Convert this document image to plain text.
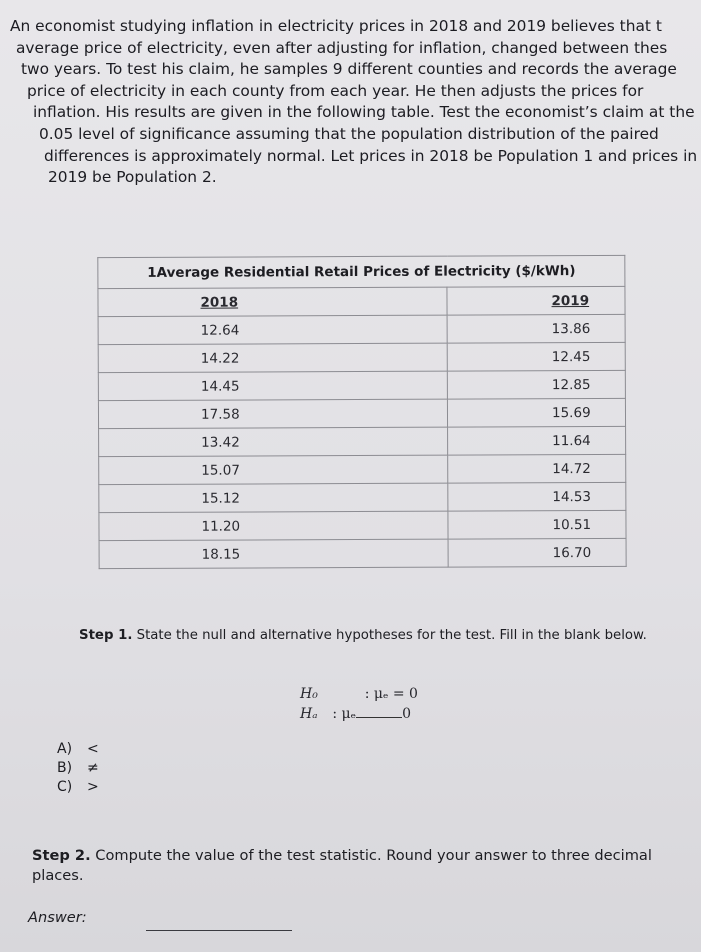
An economist studying inflation in electricity prices in 2018 and 2019 believes that t
average price of electricity, even after adjusting for inflation, changed between thes
two years. To test his claim, he samples 9 different counties and records the average
price of electricity in each county from each year. He then adjusts the prices for
inflation. His results are given in the following table. Test the economist’s claim at the
0.05 level of significance assuming that the population distribution of the paired
differences is approximately normal. Let prices in 2018 be Population 1 and prices in
2019 be Population 2.
1Average Residential Retail Prices of Electricity ($/kWh)	
2018	2019
12.64	13.86
14.22	12.45
14.45	12.85
17.58	15.69
13.42	11.64
15.07	14.72
15.12	14.53
11.20	10.51
18.15	16.70
Step 1. State the null and alternative hypotheses for the test. Fill in the blank below.
H₀	: μₑ = 0
Hₐ : μₑ	0
A) <
B) ≠
C) >
Step 2. Compute the value of the test statistic. Round your answer to three decimal places.
Answer:
